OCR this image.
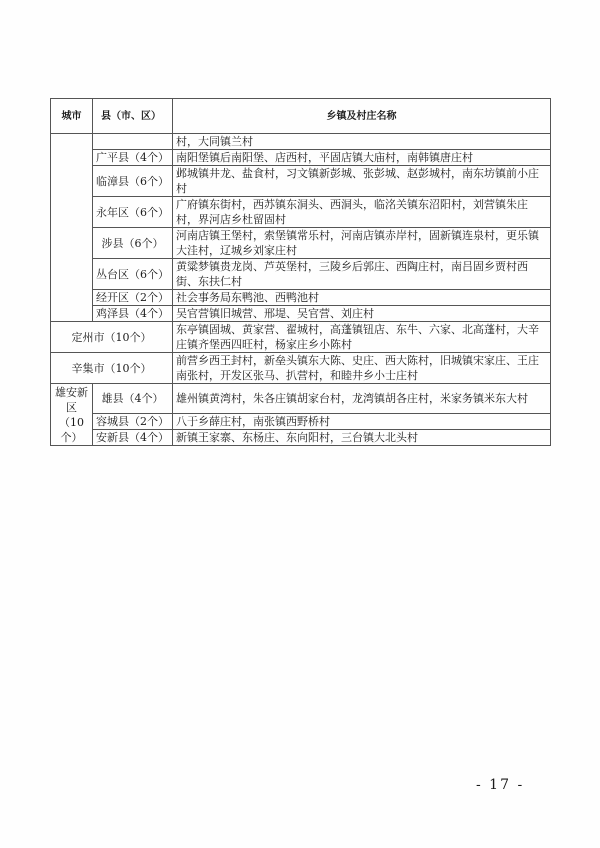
城市	县（市、区）	乡镇及村庄名称
		村，大同镇兰村
	广平县（4个）	南阳堡镇后南阳堡、店西村，平固店镇大庙村，南韩镇唐庄村
	临漳县（6个）	邺城镇井龙、盐食村，习文镇新彭城、张彭城、赵彭城村，南东坊镇前小庄村
	永年区（6个）	广府镇东街村，西苏镇东洞头、西洞头，临洺关镇东沼阳村，刘营镇朱庄村，界河店乡杜留固村
	涉县（6个）	河南店镇王堡村，索堡镇常乐村，河南店镇赤岸村，固新镇连泉村，更乐镇大洼村，辽城乡刘家庄村
	丛台区（6个）	黄粱梦镇贵龙岗、芦英堡村，三陵乡后郭庄、西陶庄村，南吕固乡贾村西街、东扶仁村
	经开区（2个）	社会事务局东鸭池、西鸭池村
	鸡泽县（4个）	吴官营镇旧城营、邢堤、吴官营、刘庄村
定州市（10个）		东亭镇固城、黄家营、翟城村，高蓬镇钮店、东牛、六家、北高蓬村，大辛庄镇齐堡西四旺村，杨家庄乡小陈村
辛集市（10个）		前营乡西王封村，新垒头镇东大陈、史庄、西大陈村，旧城镇宋家庄、王庄南张村，开发区张马、扒营村，和睦井乡小士庄村
雄安新区（10个）	雄县（4个）	雄州镇黄湾村，朱各庄镇胡家台村，龙湾镇胡各庄村，米家务镇米东大村
	容城县（2个）	八于乡薛庄村，南张镇西野桥村
	安新县（4个）	新镇王家寨、东杨庄、东向阳村，三台镇大北头村
- 17 -
